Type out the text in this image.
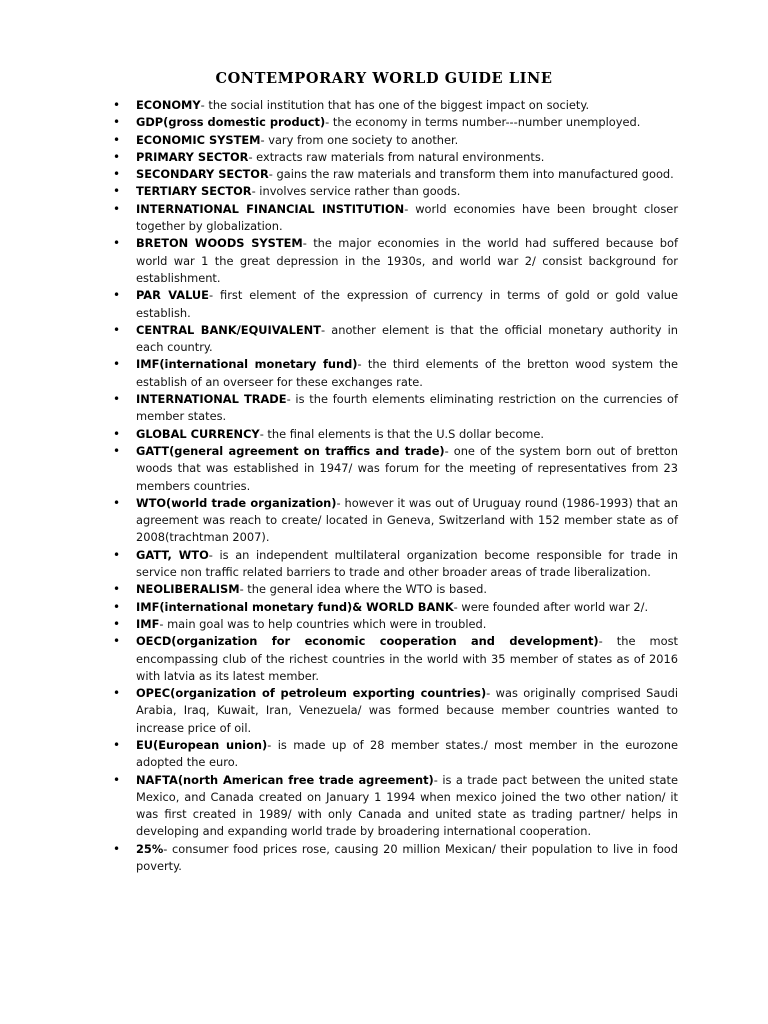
CONTEMPORARY WORLD GUIDE LINE
• ECONOMY- the social institution that has one of the biggest impact on society.
• GDP(gross domestic product)- the economy in terms number---number unemployed.
• ECONOMIC SYSTEM- vary from one society to another.
• PRIMARY SECTOR- extracts raw materials from natural environments.
• SECONDARY SECTOR- gains the raw materials and transform them into manufactured good.
• TERTIARY SECTOR- involves service rather than goods.
• INTERNATIONAL FINANCIAL INSTITUTION- world economies have been brought closer together by globalization.
• BRETON WOODS SYSTEM- the major economies in the world had suffered because bof world war 1 the great depression in the 1930s, and world war 2/ consist background for establishment.
• PAR VALUE- first element of the expression of currency in terms of gold or gold value establish.
• CENTRAL BANK/EQUIVALENT- another element is that the official monetary authority in each country.
• IMF(international monetary fund)- the third elements of the bretton wood system the establish of an overseer for these exchanges rate.
• INTERNATIONAL TRADE- is the fourth elements eliminating restriction on the currencies of member states.
• GLOBAL CURRENCY- the final elements is that the U.S dollar become.
• GATT(general agreement on traffics and trade)- one of the system born out of bretton woods that was established in 1947/ was forum for the meeting of representatives from 23 members countries.
• WTO(world trade organization)- however it was out of Uruguay round (1986-1993) that an agreement was reach to create/ located in Geneva, Switzerland with 152 member state as of 2008(trachtman 2007).
• GATT, WTO- is an independent multilateral organization become responsible for trade in service non traffic related barriers to trade and other broader areas of trade liberalization.
• NEOLIBERALISM- the general idea where the WTO is based.
• IMF(international monetary fund)& WORLD BANK- were founded after world war 2/.
• IMF- main goal was to help countries which were in troubled.
• OECD(organization for economic cooperation and development)- the most encompassing club of the richest countries in the world with 35 member of states as of 2016 with latvia as its latest member.
• OPEC(organization of petroleum exporting countries)- was originally comprised Saudi Arabia, Iraq, Kuwait, Iran, Venezuela/ was formed because member countries wanted to increase price of oil.
• EU(European union)- is made up of 28 member states./ most member in the eurozone adopted the euro.
• NAFTA(north American free trade agreement)- is a trade pact between the united state Mexico, and Canada created on January 1 1994 when mexico joined the two other nation/ it was first created in 1989/ with only Canada and united state as trading partner/ helps in developing and expanding world trade by broadering international cooperation.
• 25%- consumer food prices rose, causing 20 million Mexican/ their population to live in food poverty.
